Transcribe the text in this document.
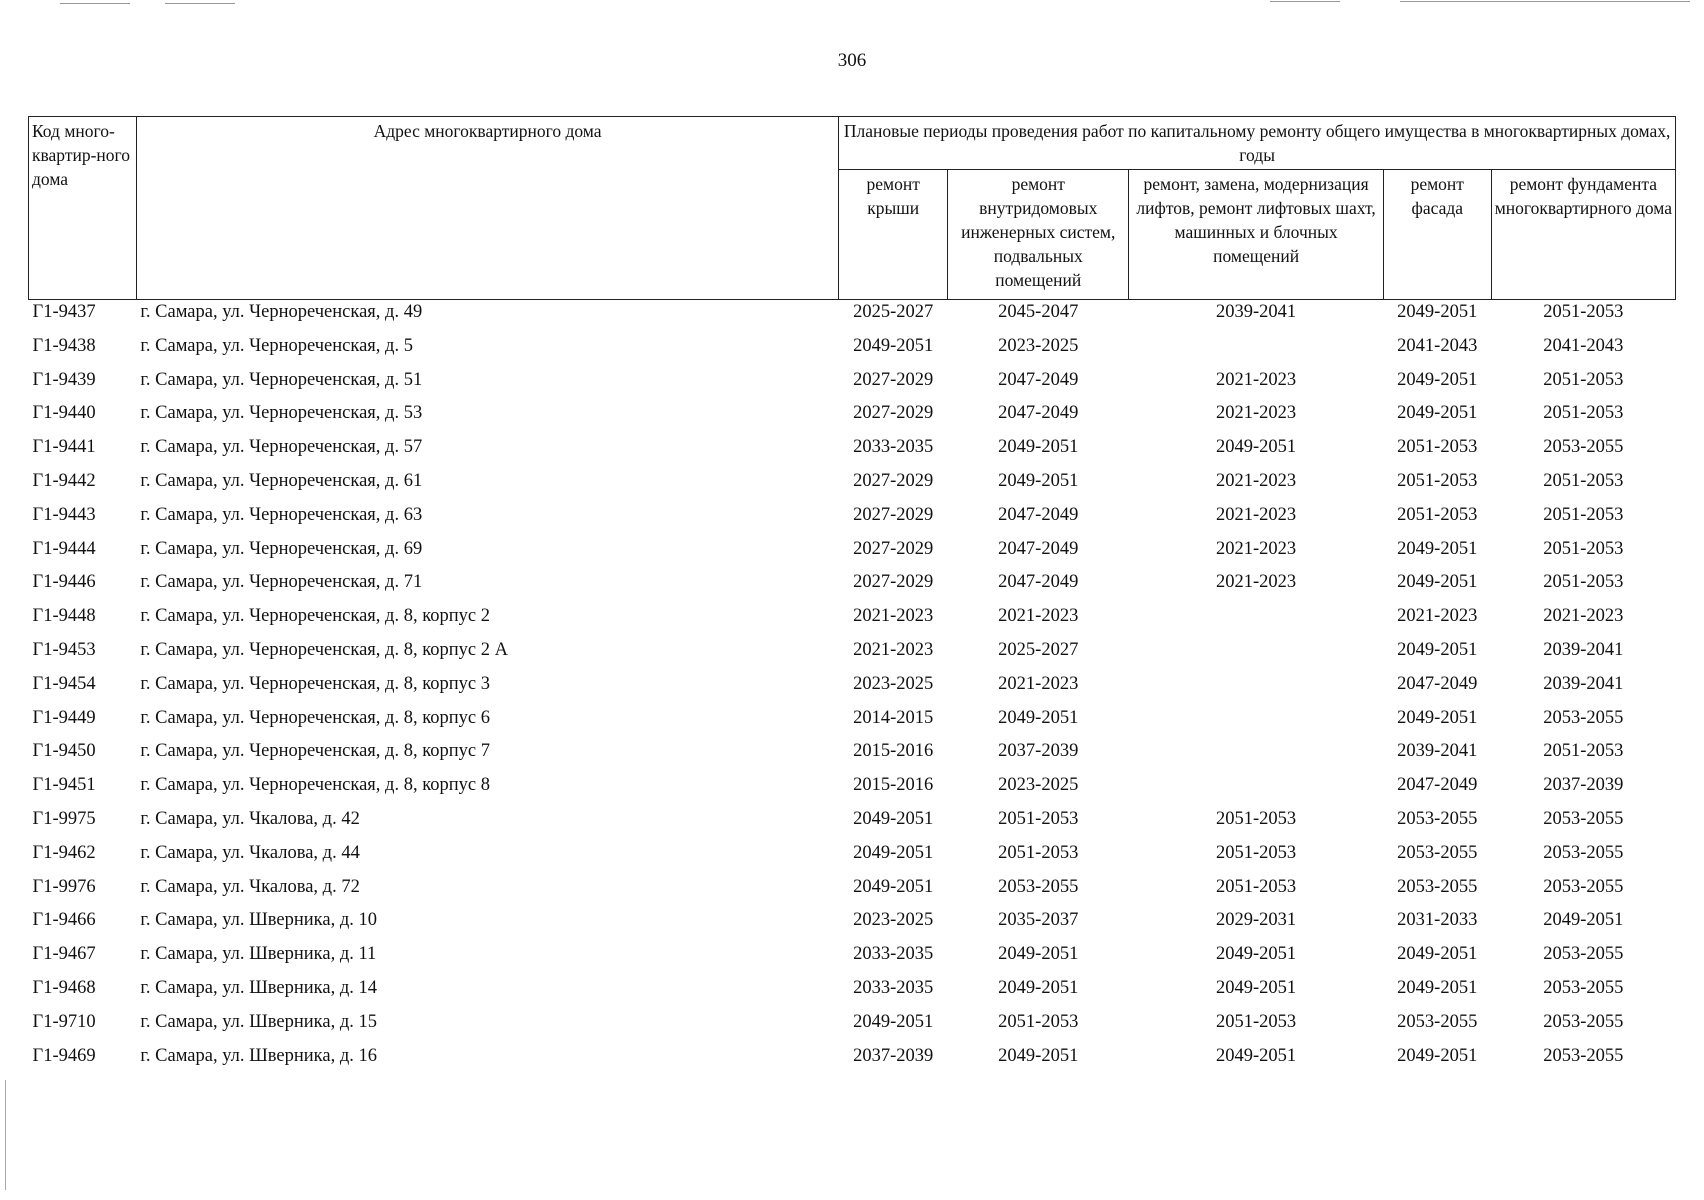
306
Код много-квартир-ного дома	Адрес многоквартирного дома	Плановые периоды проведения работ по капитальному ремонту общего имущества в многоквартирных домах, годы				
		ремонт крыши	ремонт внутридомовых инженерных систем, подвальных помещений	ремонт, замена, модернизация лифтов, ремонт лифтовых шахт, машинных и блочных помещений	ремонт фасада	ремонт фундамента многоквартирного дома
Г1-9437	г. Самара, ул. Чернореченская, д. 49	2025-2027	2045-2047	2039-2041	2049-2051	2051-2053
Г1-9438	г. Самара, ул. Чернореченская, д. 5	2049-2051	2023-2025		2041-2043	2041-2043
Г1-9439	г. Самара, ул. Чернореченская, д. 51	2027-2029	2047-2049	2021-2023	2049-2051	2051-2053
Г1-9440	г. Самара, ул. Чернореченская, д. 53	2027-2029	2047-2049	2021-2023	2049-2051	2051-2053
Г1-9441	г. Самара, ул. Чернореченская, д. 57	2033-2035	2049-2051	2049-2051	2051-2053	2053-2055
Г1-9442	г. Самара, ул. Чернореченская, д. 61	2027-2029	2049-2051	2021-2023	2051-2053	2051-2053
Г1-9443	г. Самара, ул. Чернореченская, д. 63	2027-2029	2047-2049	2021-2023	2051-2053	2051-2053
Г1-9444	г. Самара, ул. Чернореченская, д. 69	2027-2029	2047-2049	2021-2023	2049-2051	2051-2053
Г1-9446	г. Самара, ул. Чернореченская, д. 71	2027-2029	2047-2049	2021-2023	2049-2051	2051-2053
Г1-9448	г. Самара, ул. Чернореченская, д. 8, корпус 2	2021-2023	2021-2023		2021-2023	2021-2023
Г1-9453	г. Самара, ул. Чернореченская, д. 8, корпус 2 А	2021-2023	2025-2027		2049-2051	2039-2041
Г1-9454	г. Самара, ул. Чернореченская, д. 8, корпус 3	2023-2025	2021-2023		2047-2049	2039-2041
Г1-9449	г. Самара, ул. Чернореченская, д. 8, корпус 6	2014-2015	2049-2051		2049-2051	2053-2055
Г1-9450	г. Самара, ул. Чернореченская, д. 8, корпус 7	2015-2016	2037-2039		2039-2041	2051-2053
Г1-9451	г. Самара, ул. Чернореченская, д. 8, корпус 8	2015-2016	2023-2025		2047-2049	2037-2039
Г1-9975	г. Самара, ул. Чкалова, д. 42	2049-2051	2051-2053	2051-2053	2053-2055	2053-2055
Г1-9462	г. Самара, ул. Чкалова, д. 44	2049-2051	2051-2053	2051-2053	2053-2055	2053-2055
Г1-9976	г. Самара, ул. Чкалова, д. 72	2049-2051	2053-2055	2051-2053	2053-2055	2053-2055
Г1-9466	г. Самара, ул. Шверника, д. 10	2023-2025	2035-2037	2029-2031	2031-2033	2049-2051
Г1-9467	г. Самара, ул. Шверника, д. 11	2033-2035	2049-2051	2049-2051	2049-2051	2053-2055
Г1-9468	г. Самара, ул. Шверника, д. 14	2033-2035	2049-2051	2049-2051	2049-2051	2053-2055
Г1-9710	г. Самара, ул. Шверника, д. 15	2049-2051	2051-2053	2051-2053	2053-2055	2053-2055
Г1-9469	г. Самара, ул. Шверника, д. 16	2037-2039	2049-2051	2049-2051	2049-2051	2053-2055
